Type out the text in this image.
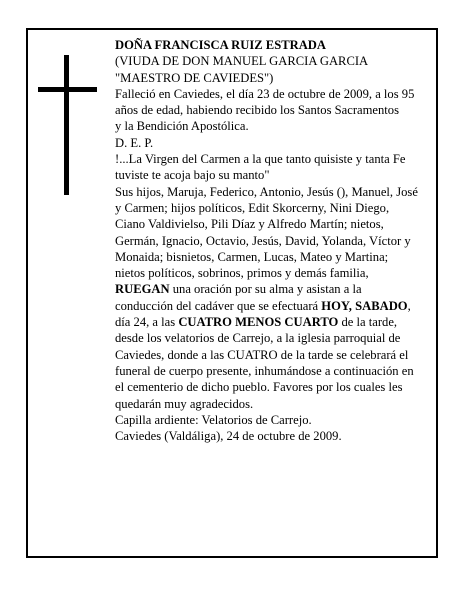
DOÑA FRANCISCA RUIZ ESTRADA

(VIUDA DE DON MANUEL GARCIA GARCIA

"MAESTRO DE CAVIEDES")

Falleció en Caviedes, el día 23 de octubre de 2009, a los 95 años de edad, habiendo recibido los Santos Sacramentos

y la Bendición Apostólica.

D. E. P.

!...La Virgen del Carmen a la que tanto quisiste y tanta Fe tuviste te acoja bajo su manto"

Sus hijos, Maruja, Federico, Antonio, Jesús (), Manuel, José y Carmen; hijos políticos, Edit Skorcerny, Nini Diego, Ciano Valdivielso, Pili Díaz y Alfredo Martín; nietos, Germán, Ignacio, Octavio, Jesús, David, Yolanda, Víctor y Monaida; bisnietos, Carmen, Lucas, Mateo y Martina; nietos políticos, sobrinos, primos y demás familia,

RUEGAN una oración por su alma y asistan a la conducción del cadáver que se efectuará HOY, SABADO, día 24, a las CUATRO MENOS CUARTO de la tarde, desde los velatorios de Carrejo, a la iglesia parroquial de Caviedes, donde a las CUATRO de la tarde se celebrará el funeral de cuerpo presente, inhumándose a continuación en el cementerio de dicho pueblo. Favores por los cuales les quedarán muy agradecidos.

Capilla ardiente: Velatorios de Carrejo.

Caviedes (Valdáliga), 24 de octubre de 2009.
